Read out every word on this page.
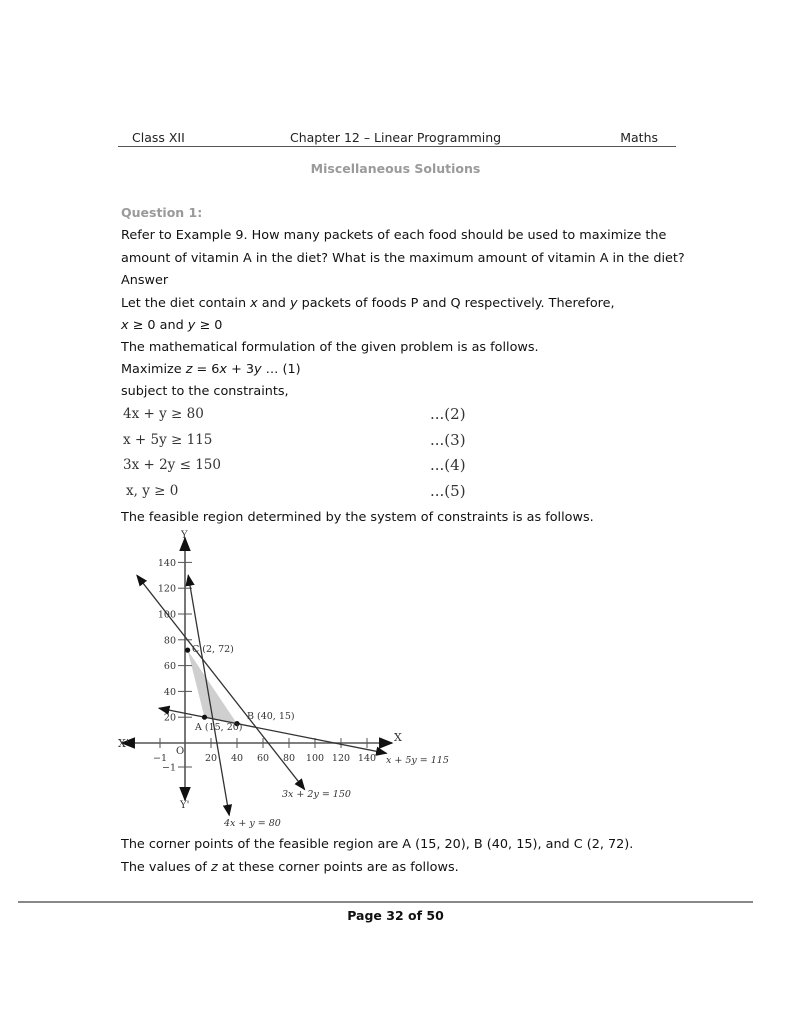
Class XII	Chapter 12 – Linear Programming	Maths
Miscellaneous Solutions
Question 1:
Refer to Example 9. How many packets of each food should be used to maximize the
amount of vitamin A in the diet? What is the maximum amount of vitamin A in the diet?
Answer
Let the diet contain x and y packets of foods P and Q respectively. Therefore,
x ≥ 0 and y ≥ 0
The mathematical formulation of the given problem is as follows.
Maximize z = 6x + 3y … (1)
subject to the constraints,
4x + y ≥ 80	...(2)
x + 5y ≥ 115	...(3)
3x + 2y ≤ 150	...(4)
x, y ≥ 0	...(5)
The feasible region determined by the system of constraints is as follows.
−1	20 40 60 80 100 120 140
−1
20
40
60
80
100
120
140
X
X'
Y
Y'
O
4x + y = 80
x + 5y = 115
3x + 2y = 150
A (15, 20)
B (40, 15)
C (2, 72)
The corner points of the feasible region are A (15, 20), B (40, 15), and C (2, 72).
The values of z at these corner points are as follows.
Page 32 of 50
